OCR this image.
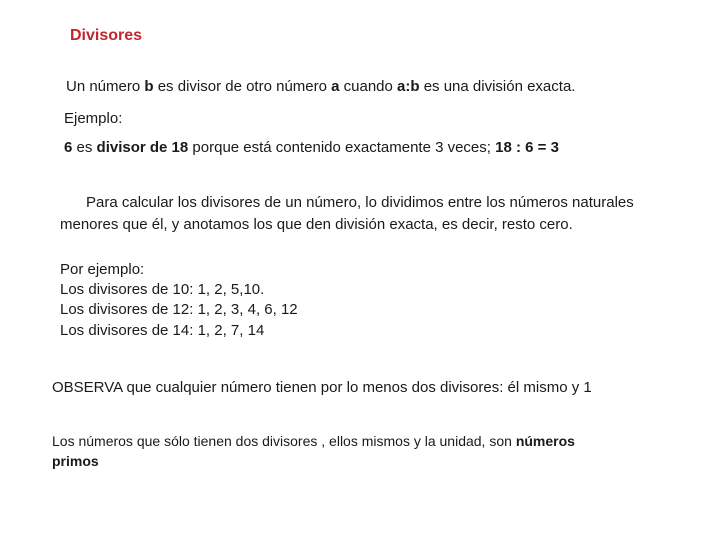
Divisores
Un número b es divisor de otro número a cuando a:b es una división exacta.
Ejemplo:
6 es divisor de 18 porque está contenido exactamente 3 veces; 18 : 6 = 3
Para calcular los divisores de un número, lo dividimos entre los números naturales
menores que él, y anotamos los que den división exacta, es decir, resto cero.
Por ejemplo:
Los divisores de 10: 1, 2, 5,10.
Los divisores de 12: 1, 2, 3, 4, 6, 12
Los divisores de 14: 1, 2, 7, 14
OBSERVA que cualquier número tienen por lo menos dos divisores: él mismo y 1
Los números que sólo tienen dos divisores , ellos mismos y la unidad, son números
primos
